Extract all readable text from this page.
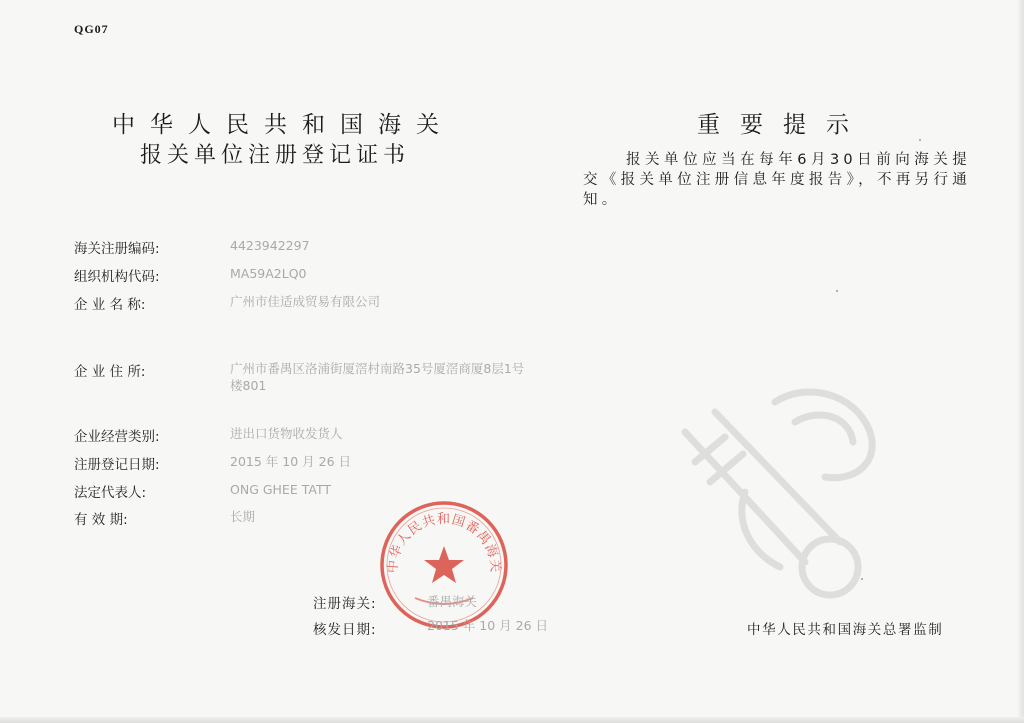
QG07
中华人民共和国海关
报关单位注册登记证书
重要提示
报关单位应当在每年6月30日前向海关提交《报关单位注册信息年度报告》，不再另行通知。
海关注册编码:	4423942297
组织机构代码:	MA59A2LQ0
企 业 名 称:	广州市佳适成贸易有限公司
企 业 住 所:	广州市番禺区洛浦街厦滘村南路35号厦滘商厦8层1号楼801
企业经营类别:	进出口货物收发货人
注册登记日期:	2015 年 10 月 26 日
法定代表人:	ONG GHEE TATT
有 效 期:	长期
中华人民共和国番禺海关
注册海关:	番禺海关
核发日期:	2015 年 10 月 26 日	中华人民共和国海关总署监制
